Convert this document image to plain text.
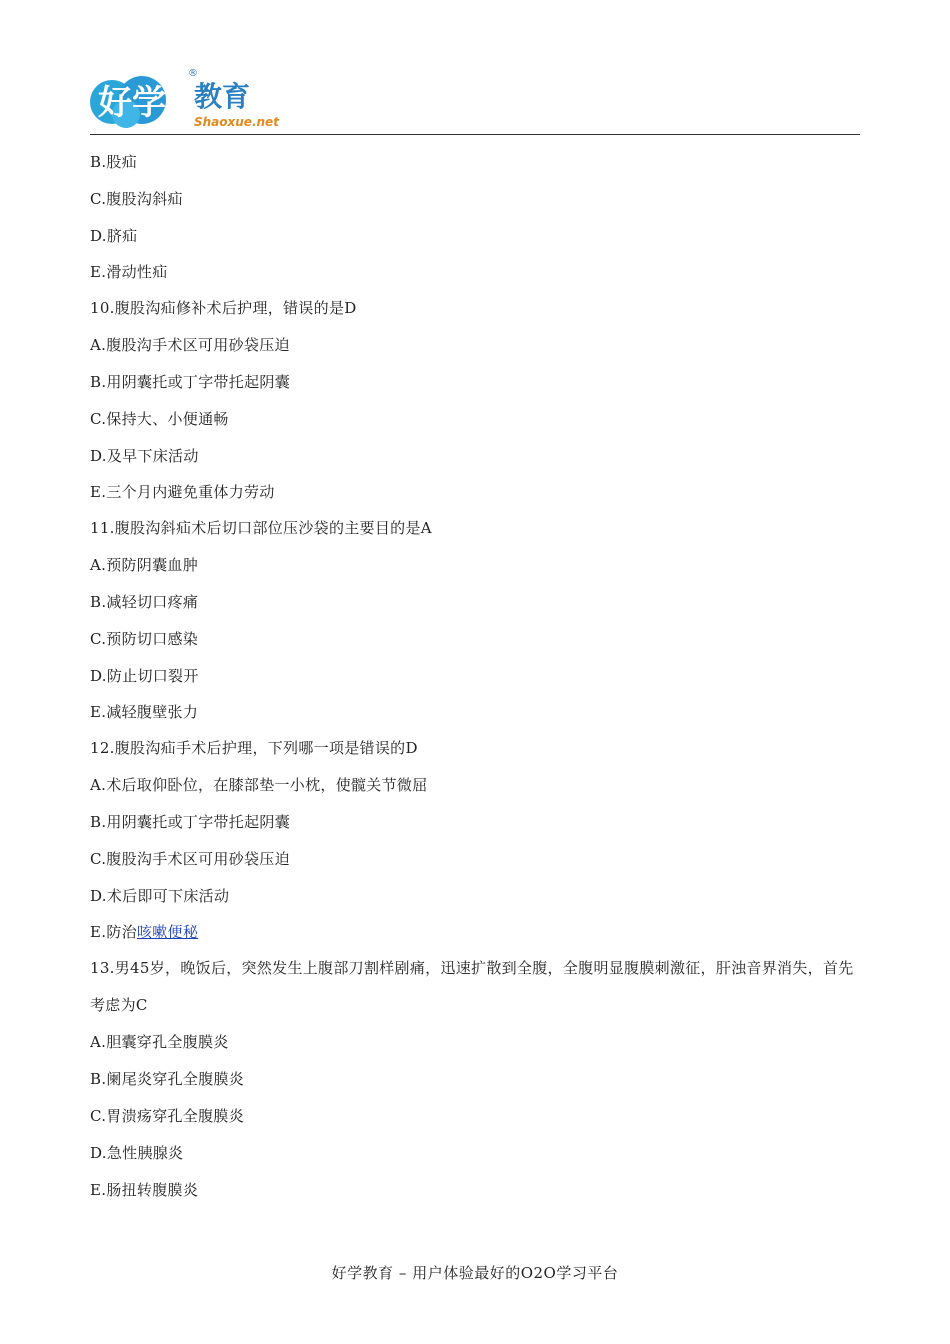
好学 教育
®
Shaoxue.net
B.股疝
C.腹股沟斜疝
D.脐疝
E.滑动性疝
10.腹股沟疝修补术后护理，错误的是D
A.腹股沟手术区可用砂袋压迫
B.用阴囊托或丁字带托起阴囊
C.保持大、小便通畅
D.及早下床活动
E.三个月内避免重体力劳动
11.腹股沟斜疝术后切口部位压沙袋的主要目的是A
A.预防阴囊血肿
B.减轻切口疼痛
C.预防切口感染
D.防止切口裂开
E.减轻腹壁张力
12.腹股沟疝手术后护理，下列哪一项是错误的D
A.术后取仰卧位，在膝部垫一小枕，使髋关节微屈
B.用阴囊托或丁字带托起阴囊
C.腹股沟手术区可用砂袋压迫
D.术后即可下床活动
E.防治咳嗽便秘
13.男45岁，晚饭后，突然发生上腹部刀割样剧痛，迅速扩散到全腹，全腹明显腹膜刺激征，肝浊音界消失，首先考虑为C
A.胆囊穿孔全腹膜炎
B.阑尾炎穿孔全腹膜炎
C.胃溃疡穿孔全腹膜炎
D.急性胰腺炎
E.肠扭转腹膜炎
好学教育 – 用户体验最好的O2O学习平台
